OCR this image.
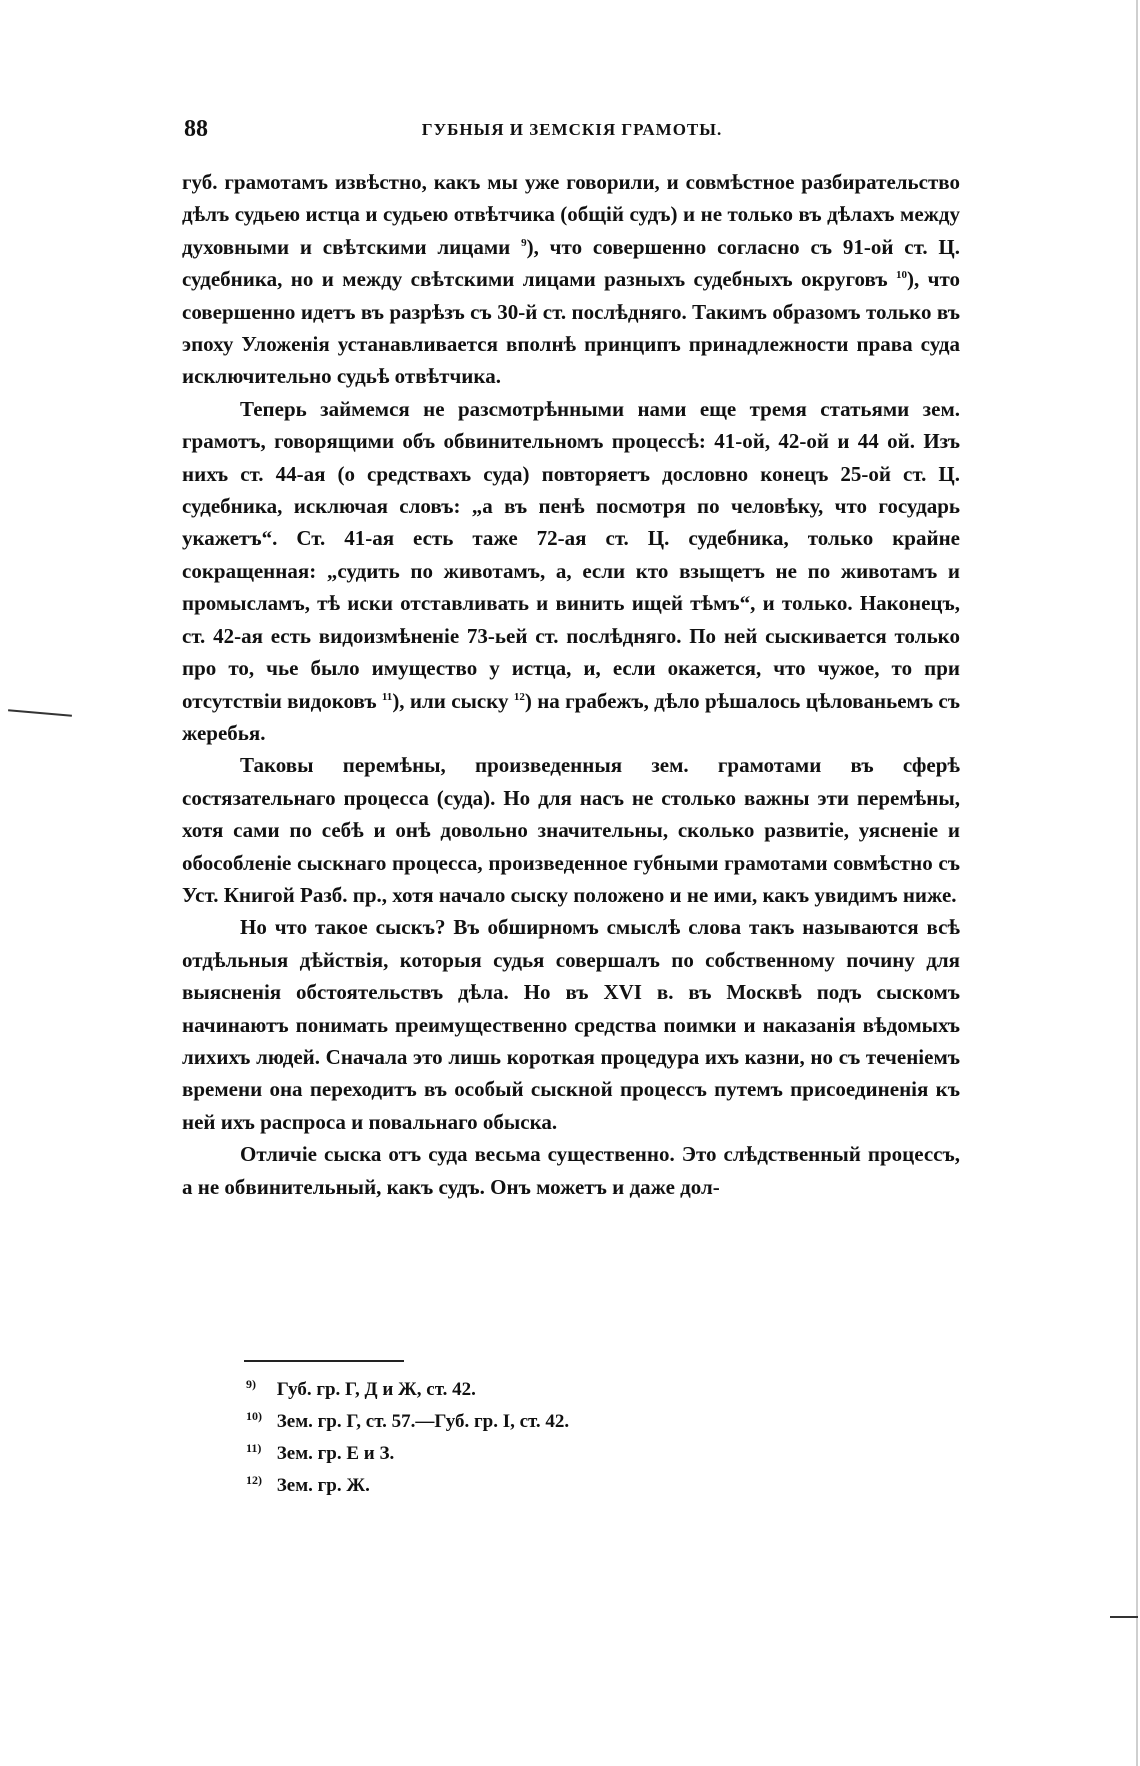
88	ГУБНЫЯ И ЗЕМСКІЯ ГРАМОТЫ.

губ. грамотамъ извѣстно, какъ мы уже говорили, и совмѣстное разбирательство дѣлъ судьею истца и судьею отвѣтчика (общій судъ) и не только въ дѣлахъ между духовными и свѣтскими лицами $^9$), что совершенно согласно съ 91-ой ст. Ц. судебника, но и между свѣтскими лицами разныхъ судебныхъ округовъ $^{10}$), что совершенно идетъ въ разрѣзъ съ 30-й ст. послѣдняго. Такимъ образомъ только въ эпоху Уложенія устанавливается вполнѣ принципъ принадлежности права суда исключительно судьѣ отвѣтчика.

Теперь займемся не разсмотрѣнными нами еще тремя статьями зем. грамотъ, говорящими объ обвинительномъ процессѣ: 41-ой, 42-ой и 44 ой. Изъ нихъ ст. 44-ая (о средствахъ суда) повторяетъ дословно конецъ 25-ой ст. Ц. судебника, исключая словъ: „а въ пенѣ посмотря по человѣку, что государь укажетъ“. Ст. 41-ая есть таже 72-ая ст. Ц. судебника, только крайне сокращенная: „судить по животамъ, а, если кто взыщетъ не по животамъ и промысламъ, тѣ иски отставливать и винить ищей тѣмъ“, и только. Наконецъ, ст. 42-ая есть видоизмѣненіе 73-ьей ст. послѣдняго. По ней сыскивается только про то, чье было имущество у истца, и, если окажется, что чужое, то при отсутствіи видоковъ $^{11}$), или сыску $^{12}$) на грабежъ, дѣло рѣшалось цѣлованьемъ съ жеребья.

Таковы перемѣны, произведенныя зем. грамотами въ сферѣ состязательнаго процесса (суда). Но для насъ не столько важны эти перемѣны, хотя сами по себѣ и онѣ довольно значительны, сколько развитіе, уясненіе и обособленіе сыскнаго процесса, произведенное губными грамотами совмѣстно съ Уст. Книгой Разб. пр., хотя начало сыску положено и не ими, какъ увидимъ ниже.

Но что такое сыскъ? Въ обширномъ смыслѣ слова такъ называются всѣ отдѣльныя дѣйствія, которыя судья совершалъ по собственному почину для выясненія обстоятельствъ дѣла. Но въ XVI в. въ Москвѣ подъ сыскомъ начинаютъ понимать преимущественно средства поимки и наказанія вѣдомыхъ лихихъ людей. Сначала это лишь короткая процедура ихъ казни, но съ теченіемъ времени она переходитъ въ особый сыскной процессъ путемъ присоединенія къ ней ихъ распроса и повальнаго обыска.

Отличіе сыска отъ суда весьма существенно. Это слѣдственный процессъ, а не обвинительный, какъ судъ. Онъ можетъ и даже дол-

9) Губ. гр. Г, Д и Ж, ст. 42.
10) Зем. гр. Г, ст. 57.—Губ. гр. I, ст. 42.
11) Зем. гр. Е и З.
12) Зем. гр. Ж.
